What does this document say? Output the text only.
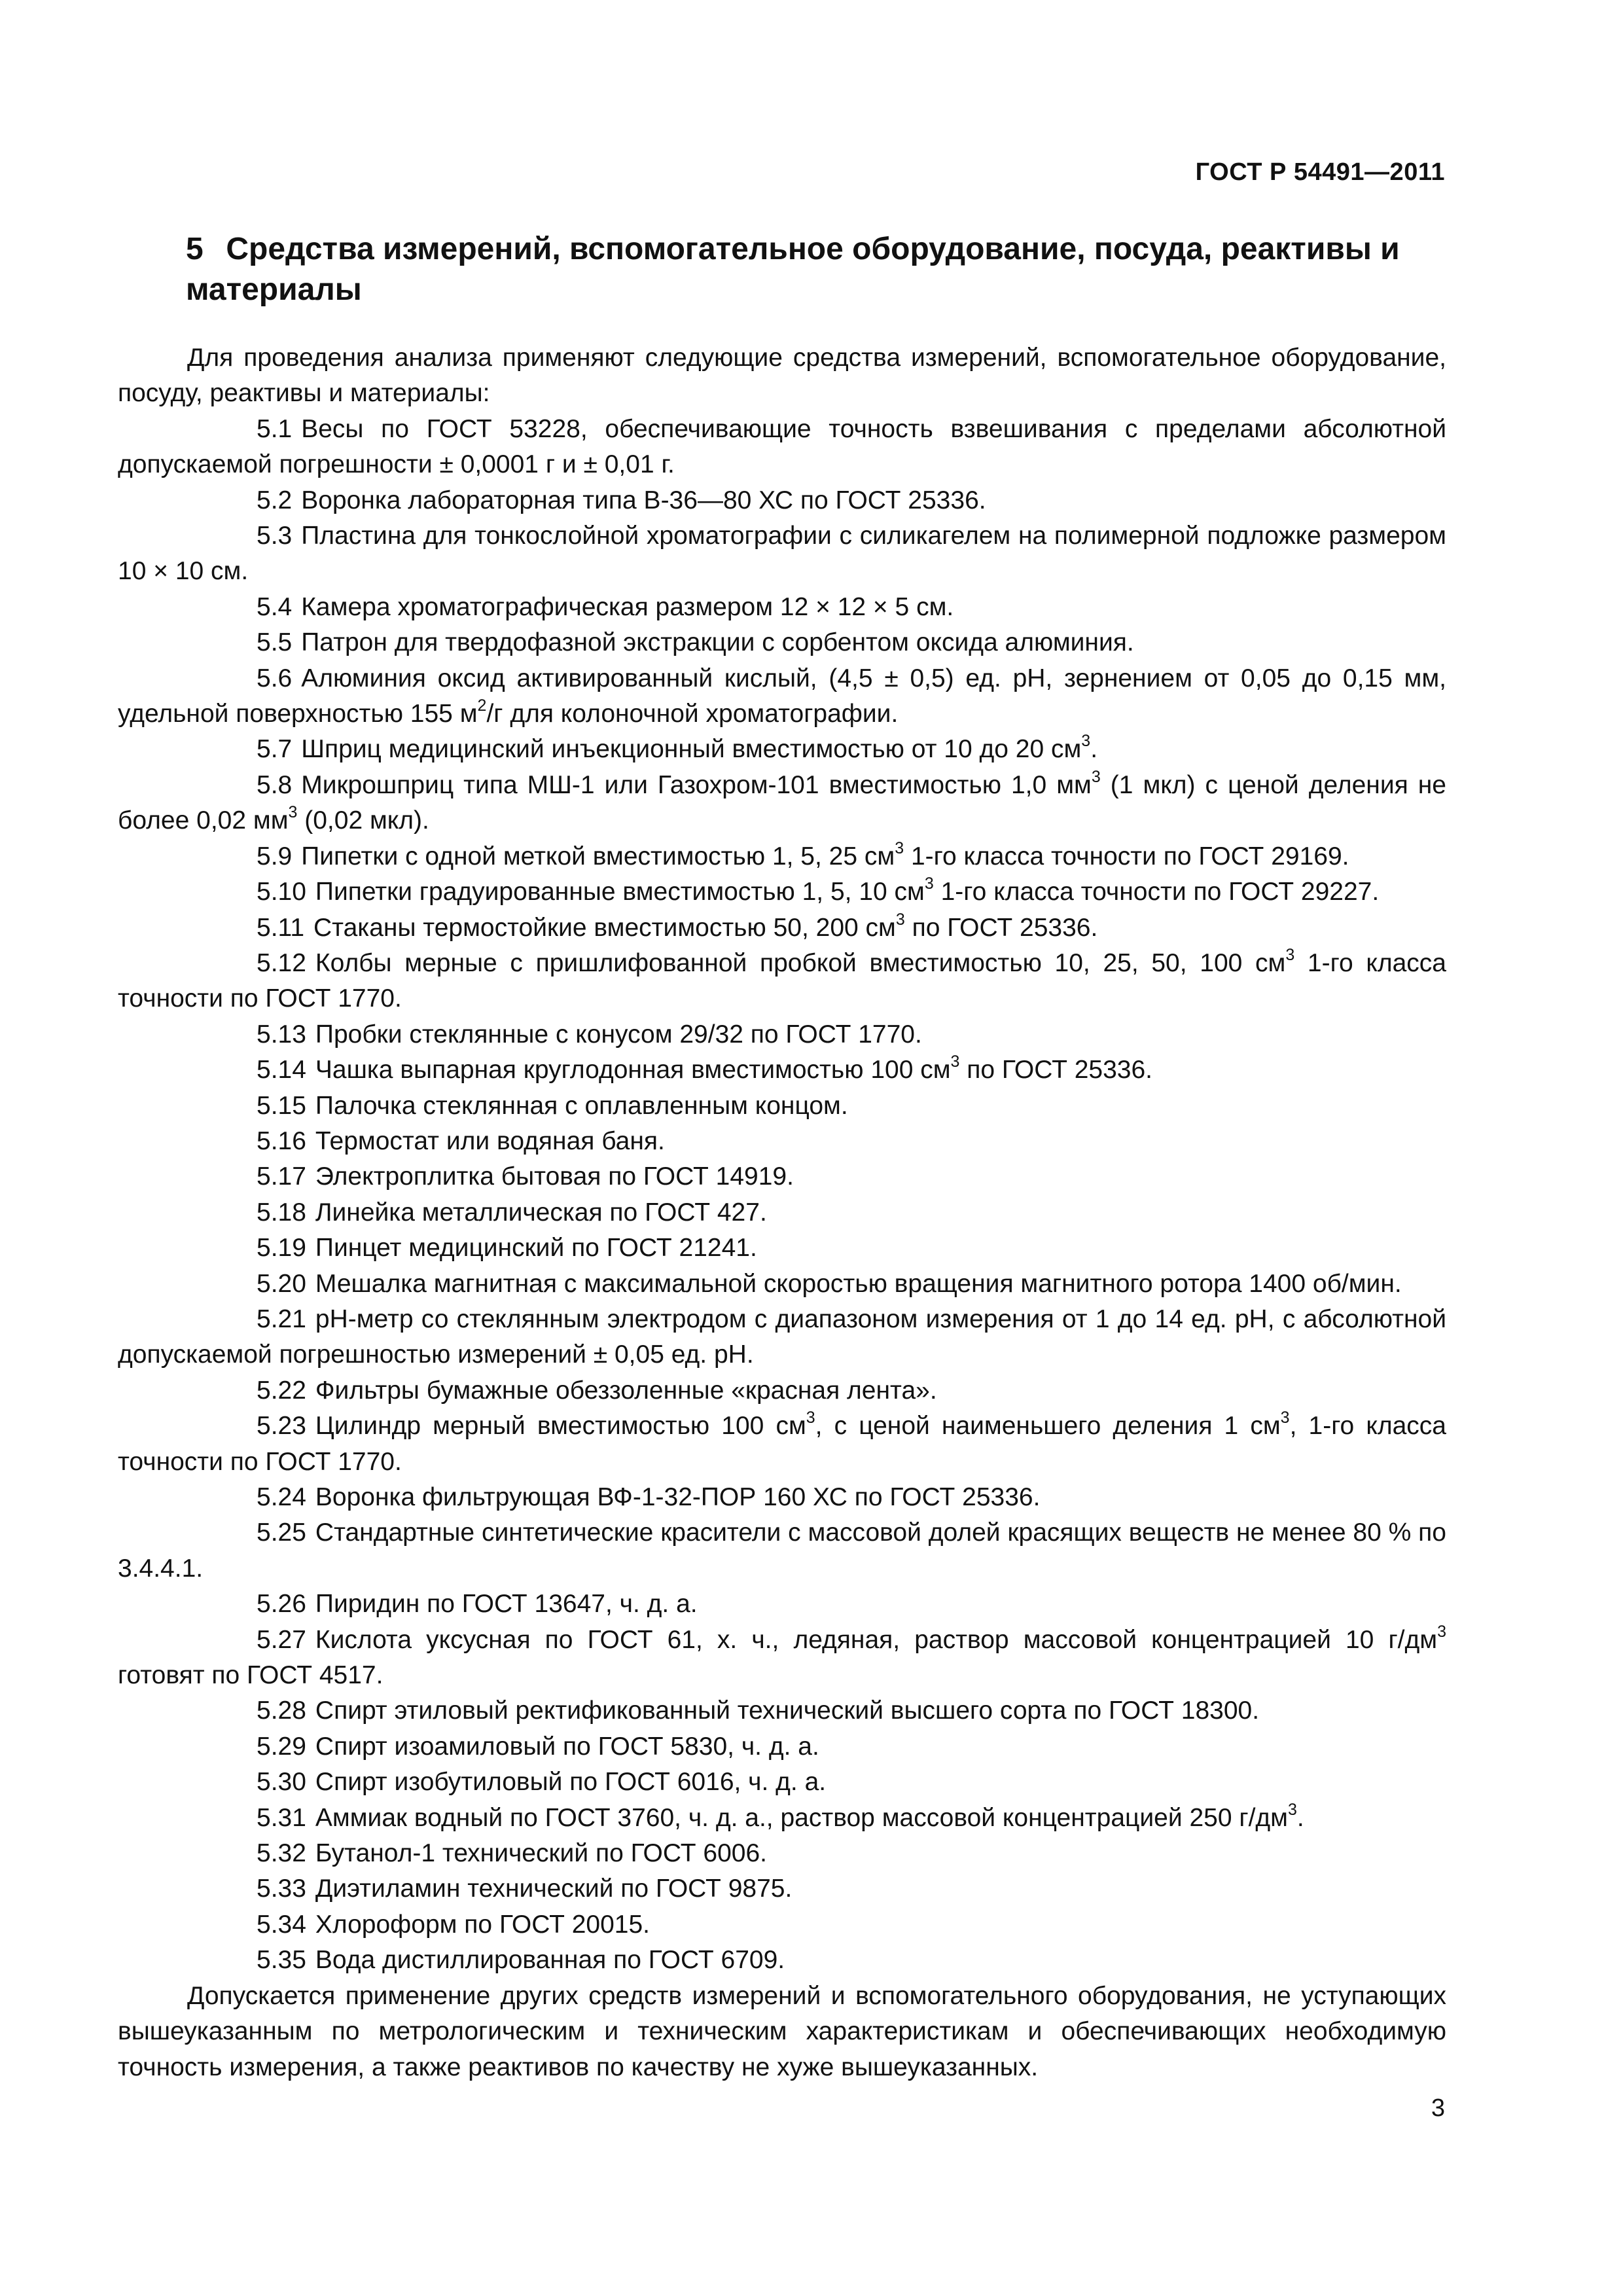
ГОСТ Р 54491—2011
5 Средства измерений, вспомогательное оборудование, посуда, реактивы и материалы

Для проведения анализа применяют следующие средства измерений, вспомогательное оборудование, посуду, реактивы и материалы:

5.1 Весы по ГОСТ 53228, обеспечивающие точность взвешивания с пределами абсолютной допускаемой погрешности ± 0,0001 г и ± 0,01 г.

5.2 Воронка лабораторная типа В-36—80 ХС по ГОСТ 25336.

5.3 Пластина для тонкослойной хроматографии с силикагелем на полимерной подложке размером 10 × 10 см.

5.4 Камера хроматографическая размером 12 × 12 × 5 см.

5.5 Патрон для твердофазной экстракции с сорбентом оксида алюминия.

5.6 Алюминия оксид активированный кислый, (4,5 ± 0,5) ед. pH, зернением от 0,05 до 0,15 мм, удельной поверхностью 155 $м^2/г$ для колоночной хроматографии.

5.7 Шприц медицинский инъекционный вместимостью от 10 до 20 $см^3$.

5.8 Микрошприц типа МШ-1 или Газохром-101 вместимостью 1,0 $мм^3$ (1 мкл) с ценой деления не более 0,02 $мм^3$ (0,02 мкл).

5.9 Пипетки с одной меткой вместимостью 1, 5, 25 $см^3$ 1-го класса точности по ГОСТ 29169.

5.10 Пипетки градуированные вместимостью 1, 5, 10 $см^3$ 1-го класса точности по ГОСТ 29227.

5.11 Стаканы термостойкие вместимостью 50, 200 $см^3$ по ГОСТ 25336.

5.12 Колбы мерные с пришлифованной пробкой вместимостью 10, 25, 50, 100 $см^3$ 1-го класса точности по ГОСТ 1770.

5.13 Пробки стеклянные с конусом 29/32 по ГОСТ 1770.

5.14 Чашка выпарная круглодонная вместимостью 100 $см^3$ по ГОСТ 25336.

5.15 Палочка стеклянная с оплавленным концом.

5.16 Термостат или водяная баня.

5.17 Электроплитка бытовая по ГОСТ 14919.

5.18 Линейка металлическая по ГОСТ 427.

5.19 Пинцет медицинский по ГОСТ 21241.

5.20 Мешалка магнитная с максимальной скоростью вращения магнитного ротора 1400 об/мин.

5.21 pH-метр со стеклянным электродом с диапазоном измерения от 1 до 14 ед. pH, с абсолютной допускаемой погрешностью измерений ± 0,05 ед. pH.

5.22 Фильтры бумажные обеззоленные «красная лента».

5.23 Цилиндр мерный вместимостью 100 $см^3$, с ценой наименьшего деления 1 $см^3$, 1-го класса точности по ГОСТ 1770.

5.24 Воронка фильтрующая ВФ-1-32-ПОР 160 ХС по ГОСТ 25336.

5.25 Стандартные синтетические красители с массовой долей красящих веществ не менее 80 % по 3.4.4.1.

5.26 Пиридин по ГОСТ 13647, ч. д. а.

5.27 Кислота уксусная по ГОСТ 61, х. ч., ледяная, раствор массовой концентрацией 10 $г/дм^3$ готовят по ГОСТ 4517.

5.28 Спирт этиловый ректификованный технический высшего сорта по ГОСТ 18300.

5.29 Спирт изоамиловый по ГОСТ 5830, ч. д. а.

5.30 Спирт изобутиловый по ГОСТ 6016, ч. д. а.

5.31 Аммиак водный по ГОСТ 3760, ч. д. а., раствор массовой концентрацией 250 $г/дм^3$.

5.32 Бутанол-1 технический по ГОСТ 6006.

5.33 Диэтиламин технический по ГОСТ 9875.

5.34 Хлороформ по ГОСТ 20015.

5.35 Вода дистиллированная по ГОСТ 6709.

Допускается применение других средств измерений и вспомогательного оборудования, не уступающих вышеуказанным по метрологическим и техническим характеристикам и обеспечивающих необходимую точность измерения, а также реактивов по качеству не хуже вышеуказанных.

3
